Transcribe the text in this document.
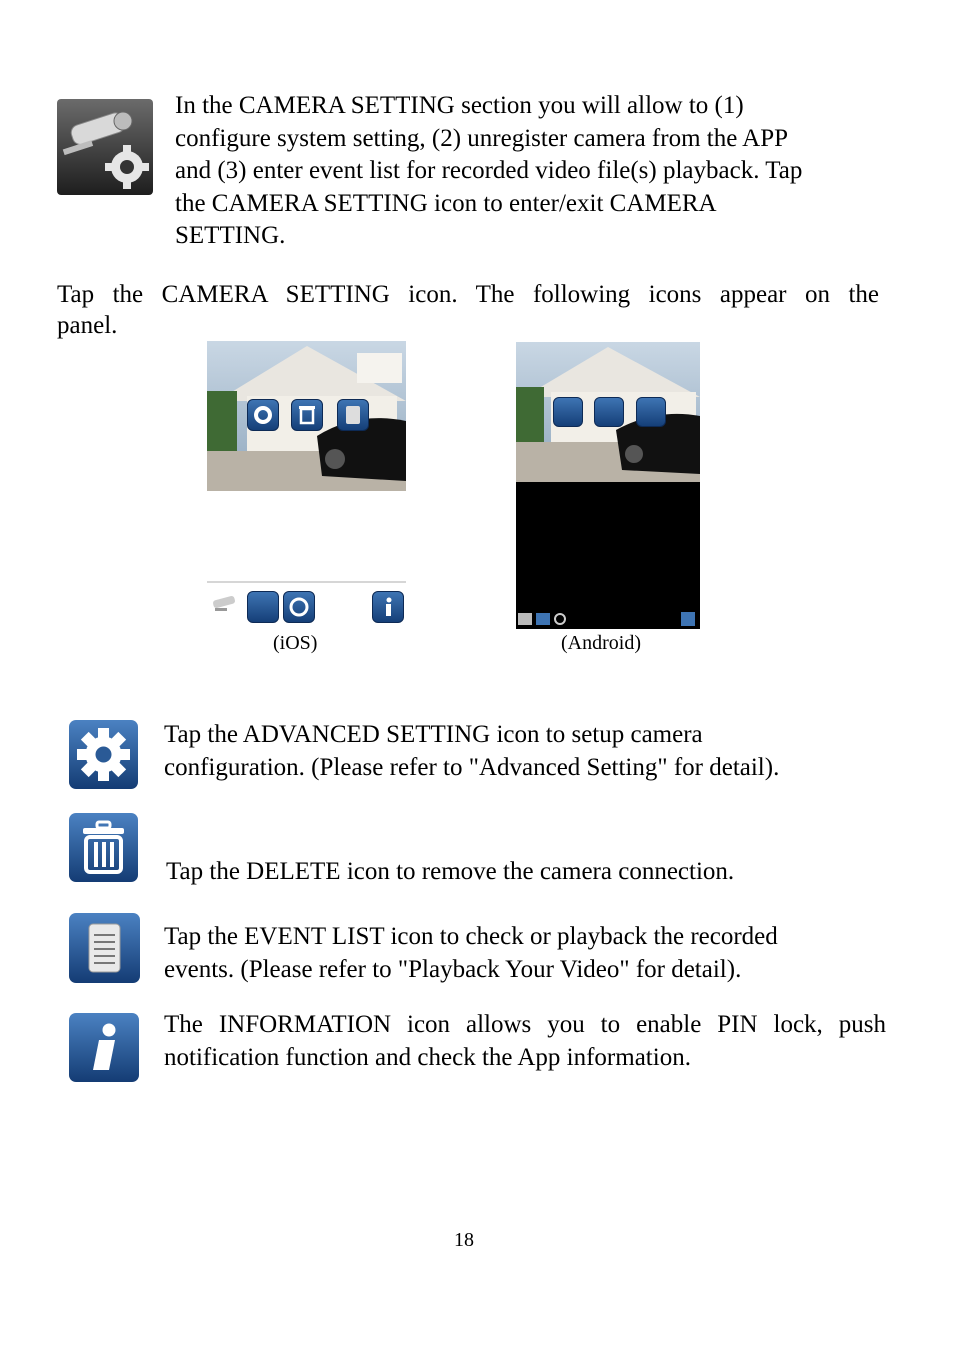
In the CAMERA SETTING section you will allow to (1)
configure system setting, (2) unregister camera from the APP
and (3) enter event list for recorded video file(s) playback. Tap
the CAMERA SETTING icon to enter/exit CAMERA
SETTING.
Tap the CAMERA SETTING icon. The following icons appear on the
panel.
(iOS)	(Android)
Tap the ADVANCED SETTING icon to setup camera
configuration. (Please refer to "Advanced Setting" for detail).
Tap the DELETE icon to remove the camera connection.
Tap the EVENT LIST icon to check or playback the recorded
events. (Please refer to "Playback Your Video" for detail).
The INFORMATION icon allows you to enable PIN lock, push
notification function and check the App information.
18
